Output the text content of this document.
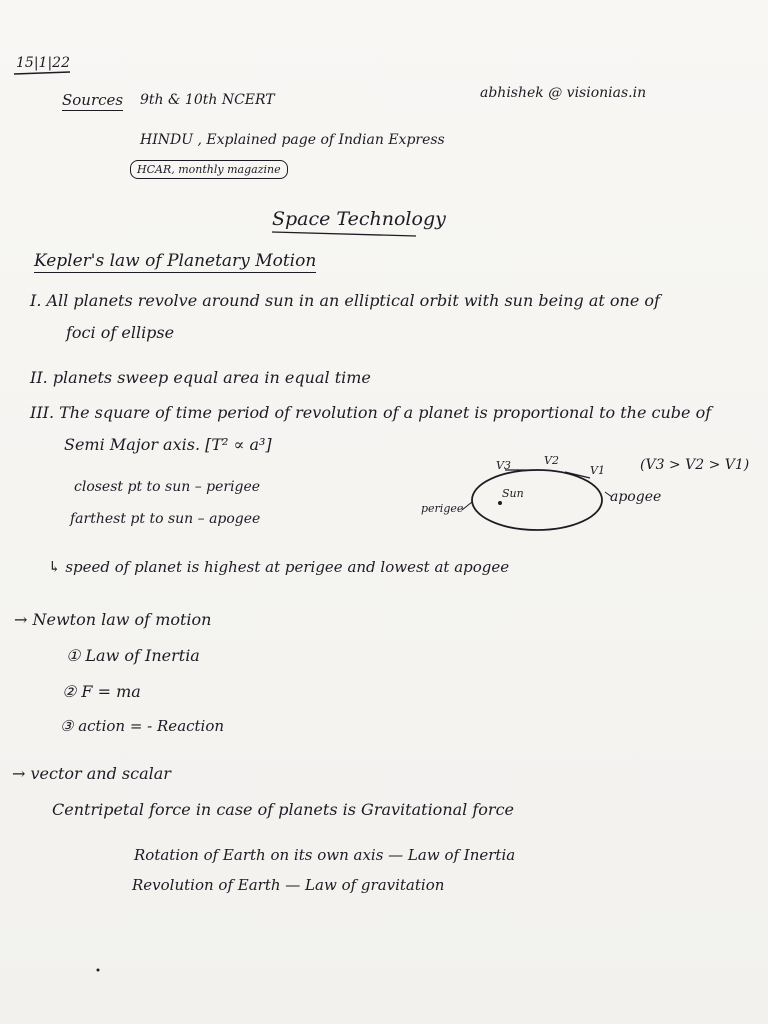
15|1|22
abhishek @ visionias.in
Sources 9th & 10th NCERT
HINDU , Explained page of Indian Express
HCAR, monthly magazine
Space Technology
Kepler's law of Planetary Motion
I. All planets revolve around sun in an elliptical orbit with sun being at one of
foci of ellipse
II. planets sweep equal area in equal time
III. The square of time period of revolution of a planet is proportional to the cube of
Semi Major axis. [T² ∝ a³]
closest pt to sun – perigee
farthest pt to sun – apogee
↳ speed of planet is highest at perigee and lowest at apogee
V3	V2
V1	(V3 > V2 > V1)
Sun
perigee
apogee
→ Newton law of motion
① Law of Inertia
② F = ma
③ action = - Reaction
→ vector and scalar
Centripetal force in case of planets is Gravitational force
Rotation of Earth on its own axis — Law of Inertia
Revolution of Earth — Law of gravitation
